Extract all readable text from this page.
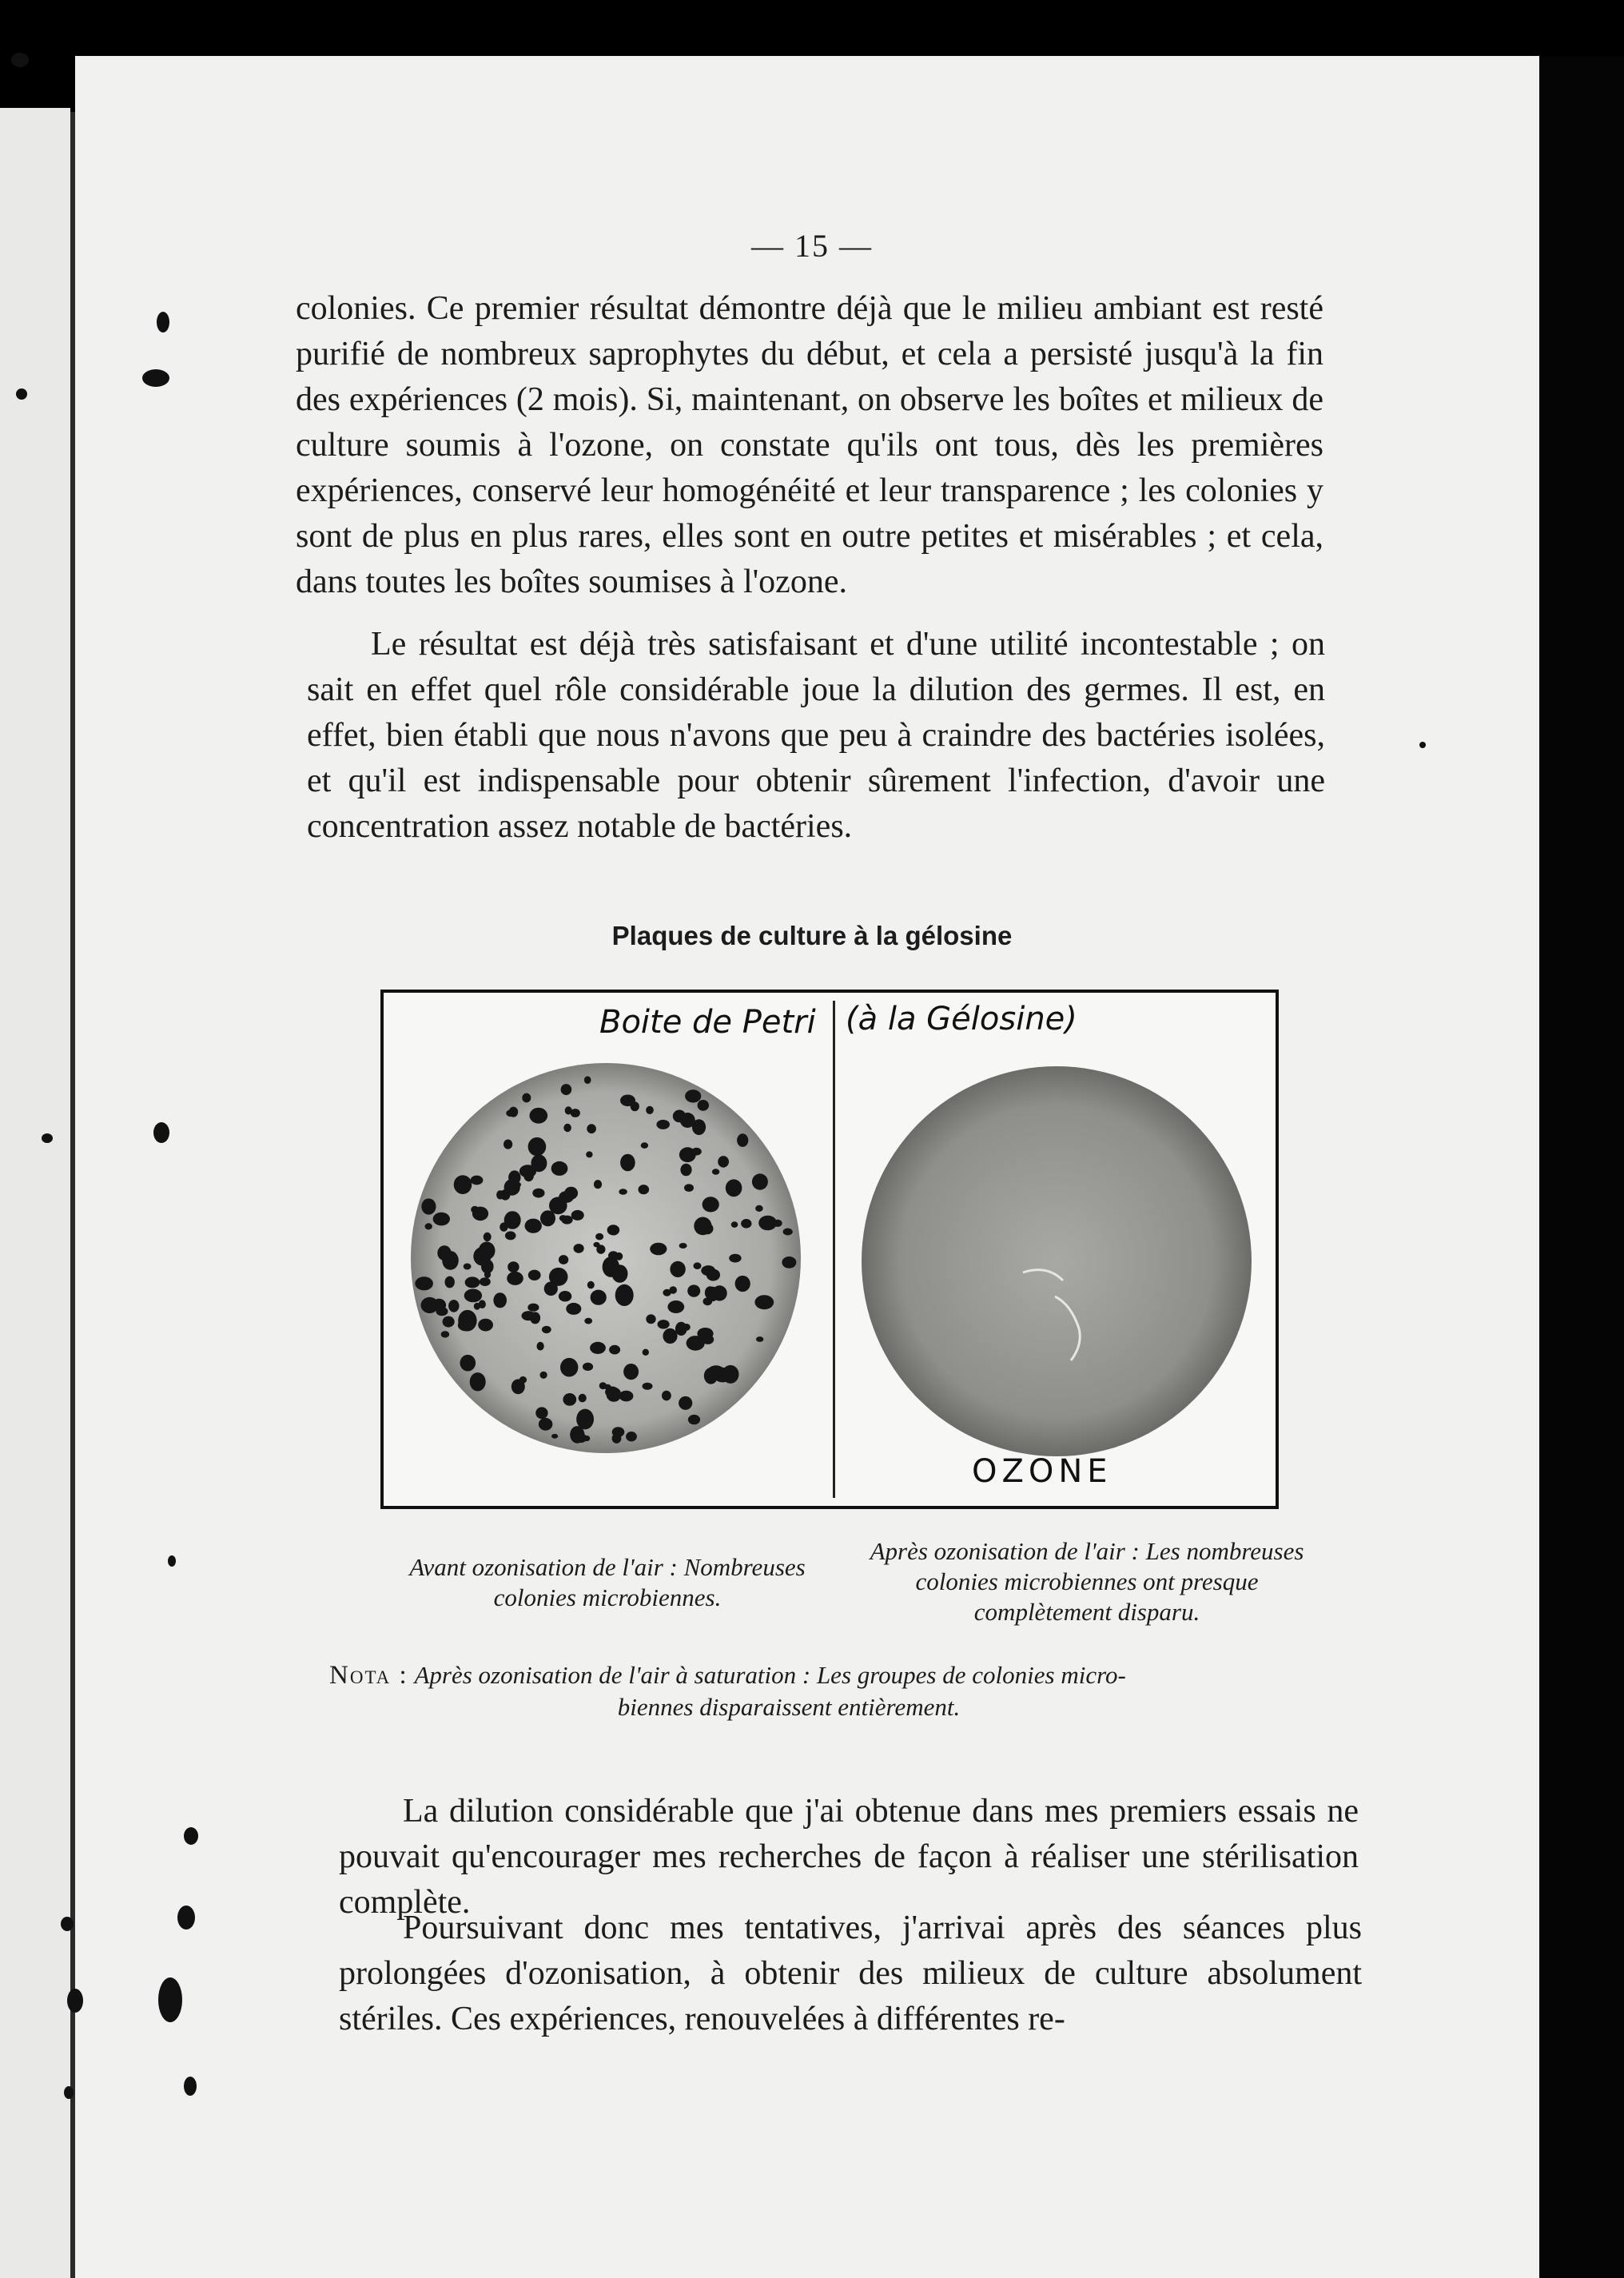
— 15 —

colonies. Ce premier résultat démontre déjà que le milieu ambiant est resté purifié de nombreux saprophytes du début, et cela a persisté jusqu'à la fin des expériences (2 mois). Si, maintenant, on observe les boîtes et milieux de culture soumis à l'ozone, on constate qu'ils ont tous, dès les premières expériences, conservé leur homogénéité et leur transparence ; les colonies y sont de plus en plus rares, elles sont en outre petites et misérables ; et cela, dans toutes les boîtes soumises à l'ozone.

Le résultat est déjà très satisfaisant et d'une utilité incontestable ; on sait en effet quel rôle considérable joue la dilution des germes. Il est, en effet, bien établi que nous n'avons que peu à craindre des bactéries isolées, et qu'il est indispensable pour obtenir sûrement l'infection, d'avoir une concentration assez notable de bactéries.

Plaques de culture à la gélosine

Boite de Petri (à la Gélosine)

OZONE

Avant ozonisation de l'air : Nombreuses colonies microbiennes.

Après ozonisation de l'air : Les nombreuses colonies microbiennes ont presque complètement disparu.

Nota : Après ozonisation de l'air à saturation : Les groupes de colonies micro-
biennes disparaissent entièrement.

La dilution considérable que j'ai obtenue dans mes premiers essais ne pouvait qu'encourager mes recherches de façon à réaliser une stérilisation complète.

Poursuivant donc mes tentatives, j'arrivai après des séances plus prolongées d'ozonisation, à obtenir des milieux de culture absolument stériles. Ces expériences, renouvelées à différentes re-
